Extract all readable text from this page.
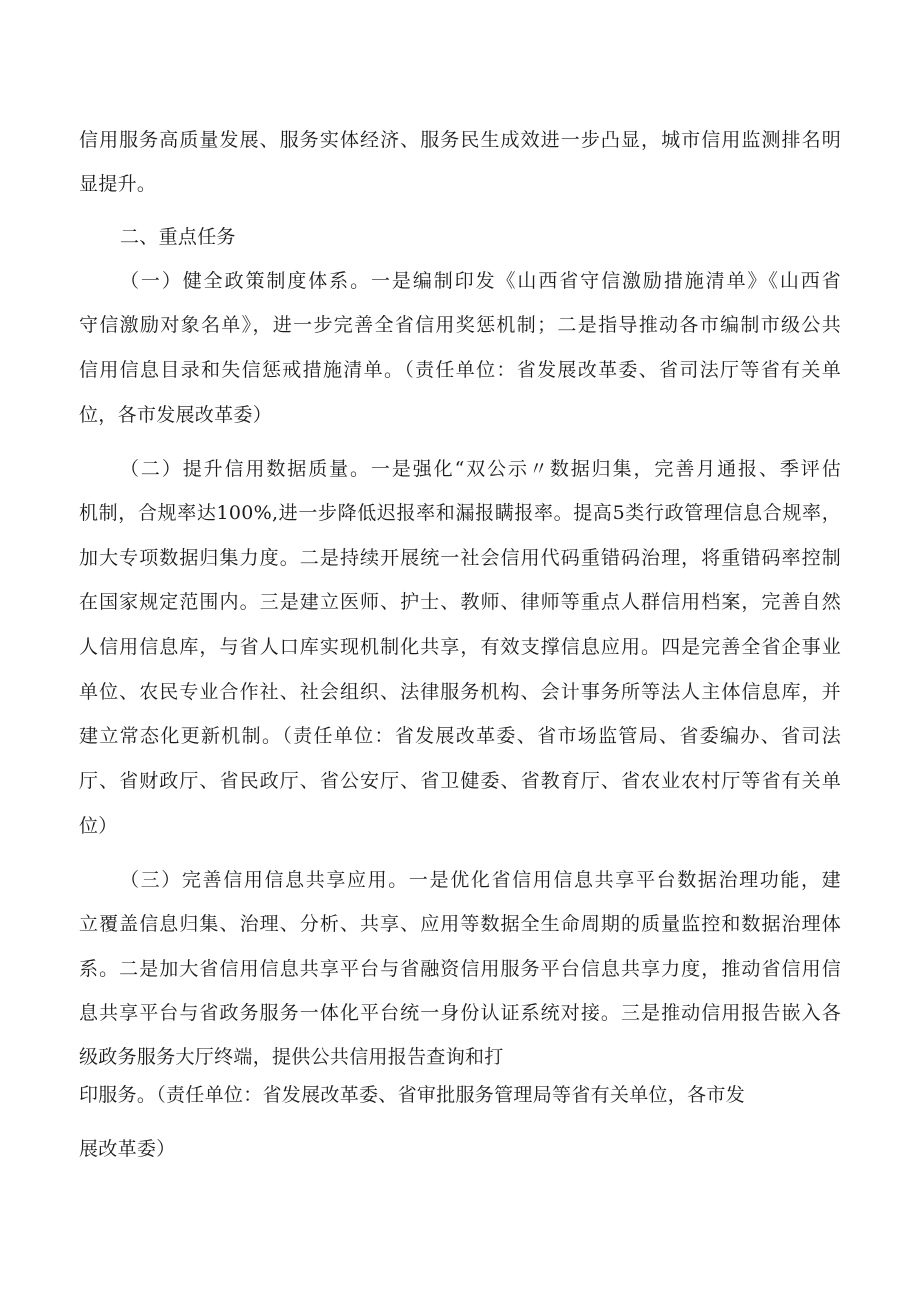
信用服务高质量发展、服务实体经济、服务民生成效进一步凸显，城市信用监测排名明
显提升。
二、重点任务
（一）健全政策制度体系。一是编制印发《山西省守信激励措施清单》《山西省
守信激励对象名单》，进一步完善全省信用奖惩机制；二是指导推动各市编制市级公共
信用信息目录和失信惩戒措施清单。（责任单位：省发展改革委、省司法厅等省有关单
位，各市发展改革委）
（二）提升信用数据质量。一是强化“双公示〃数据归集，完善月通报、季评估
机制，合规率达100%,进一步降低迟报率和漏报瞒报率。提高5类行政管理信息合规率，
加大专项数据归集力度。二是持续开展统一社会信用代码重错码治理，将重错码率控制
在国家规定范围内。三是建立医师、护士、教师、律师等重点人群信用档案，完善自然
人信用信息库，与省人口库实现机制化共享，有效支撑信息应用。四是完善全省企事业
单位、农民专业合作社、社会组织、法律服务机构、会计事务所等法人主体信息库，并
建立常态化更新机制。（责任单位：省发展改革委、省市场监管局、省委编办、省司法
厅、省财政厅、省民政厅、省公安厅、省卫健委、省教育厅、省农业农村厅等省有关单
位）
（三）完善信用信息共享应用。一是优化省信用信息共享平台数据治理功能，建
立覆盖信息归集、治理、分析、共享、应用等数据全生命周期的质量监控和数据治理体
系。二是加大省信用信息共享平台与省融资信用服务平台信息共享力度，推动省信用信
息共享平台与省政务服务一体化平台统一身份认证系统对接。三是推动信用报告嵌入各
级政务服务大厅终端，提供公共信用报告查询和打
印服务。（责任单位：省发展改革委、省审批服务管理局等省有关单位，各市发
展改革委）
